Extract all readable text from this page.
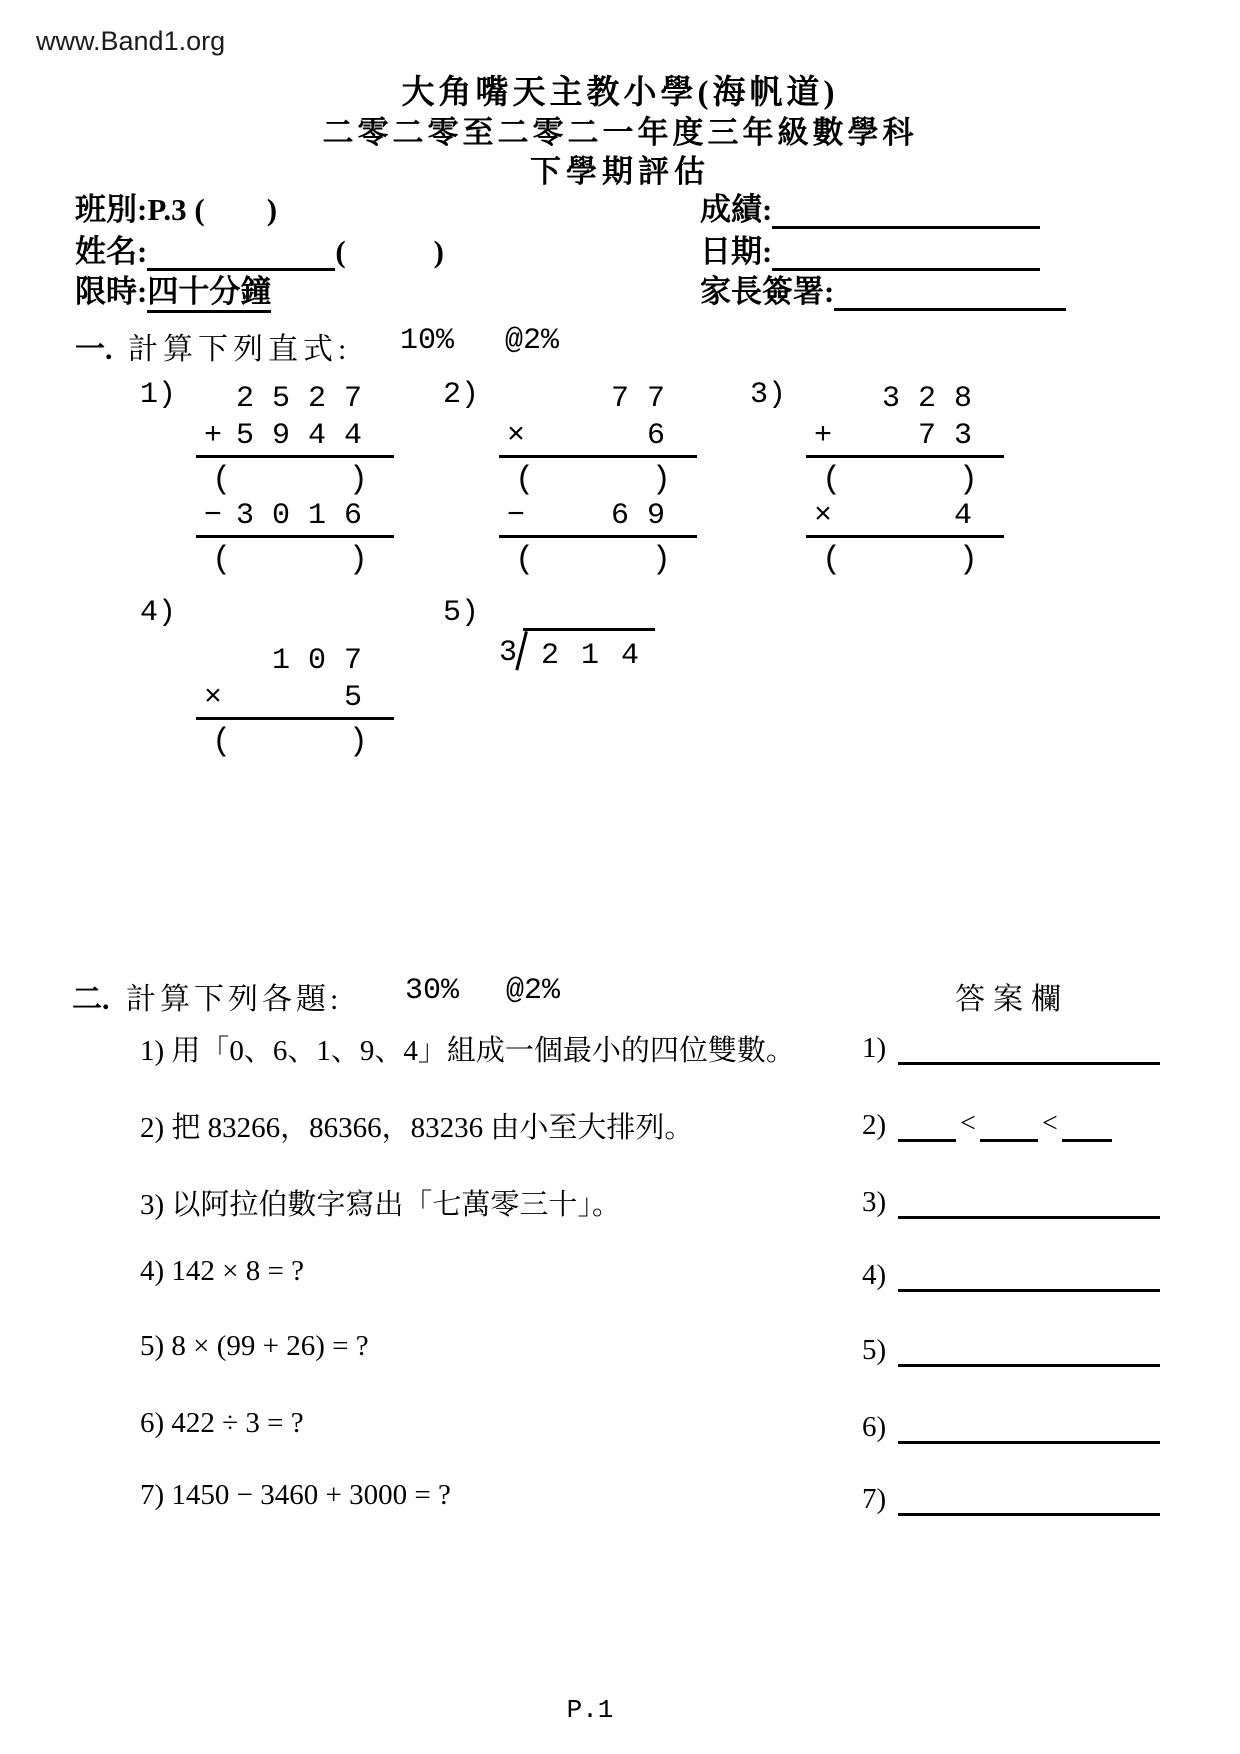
www.Band1.org
大角嘴天主教小學(海帆道)
二零二零至二零二一年度三年級數學科
下學期評估
班別:P.3 ( )	成績:
姓名:	(	)	日期:
限時:四十分鐘	家長簽署:
一. 計算下列直式: 10% @2%
1)	2 5 2 7
+ 5 9 4 4
(	)
− 3 0 1 6
(	)
2)	7 7
×	6
(	)
−	6 9
(	)
3)	3 2 8
+	7 3
(	)
×	4
(	)
4)
1 0 7
×	5
(	)
5)
3 2 1 4
二. 計算下列各題: 30% @2%	答案欄
1) 用「0、6、1、9、4」組成一個最小的四位雙數。 1)
2) 把 83266，86366，83236 由小至大排列。	2)	< <
3) 以阿拉伯數字寫出「七萬零三十」。	3)
4) 142 × 8 = ?	4)
5) 8 × (99 + 26) = ?	5)
6) 422 ÷ 3 = ?	6)
7) 1450 − 3460 + 3000 = ?	7)
P.1
